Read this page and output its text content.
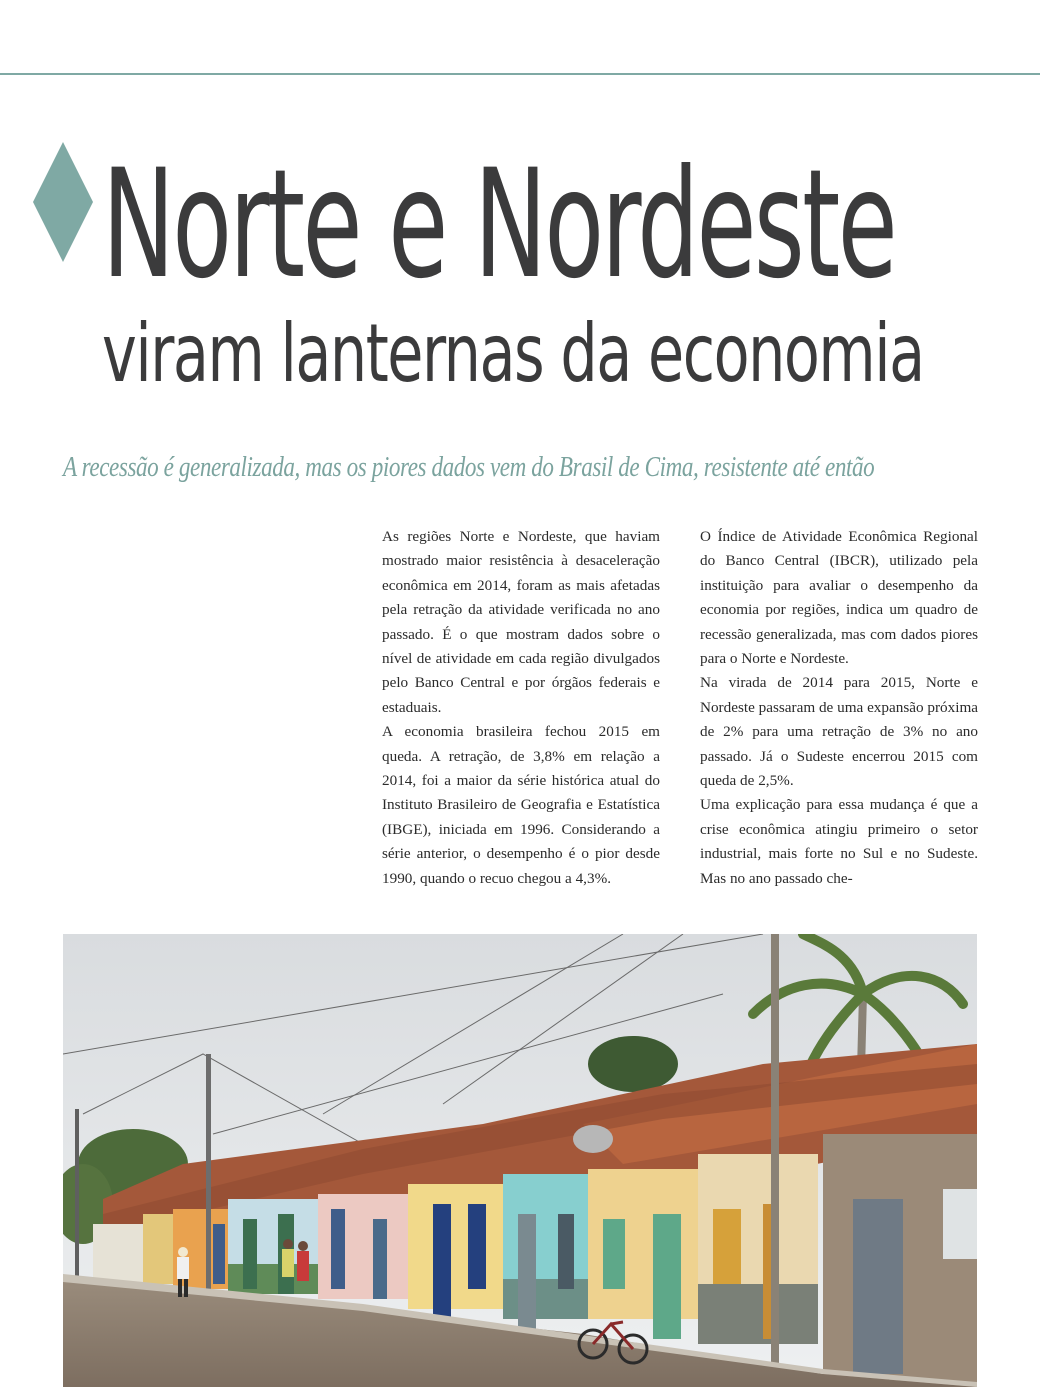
Norte e Nordeste
viram lanternas da economia

A recessão é generalizada, mas os piores dados vem do Brasil de Cima, resistente até então

As regiões Norte e Nordeste, que haviam mostrado maior resistência à desaceleração econômica em 2014, foram as mais afetadas pela retração da atividade verificada no ano passado. É o que mostram dados sobre o nível de atividade em cada região divulgados pelo Banco Central e por órgãos federais e estaduais.

A economia brasileira fechou 2015 em queda. A retração, de 3,8% em relação a 2014, foi a maior da série histórica atual do Instituto Brasileiro de Geografia e Estatística (IBGE), iniciada em 1996. Considerando a série anterior, o desempenho é o pior desde 1990, quando o recuo chegou a 4,3%.

O Índice de Atividade Econômica Regional do Banco Central (IBCR), utilizado pela instituição para avaliar o desempenho da economia por regiões, indica um quadro de recessão generalizada, mas com dados piores para o Norte e Nordeste.

Na virada de 2014 para 2015, Norte e Nordeste passaram de uma expansão próxima de 2% para uma retração de 3% no ano passado. Já o Sudeste encerrou 2015 com queda de 2,5%.

Uma explicação para essa mudança é que a crise econômica atingiu primeiro o setor industrial, mais forte no Sul e no Sudeste. Mas no ano passado che-
